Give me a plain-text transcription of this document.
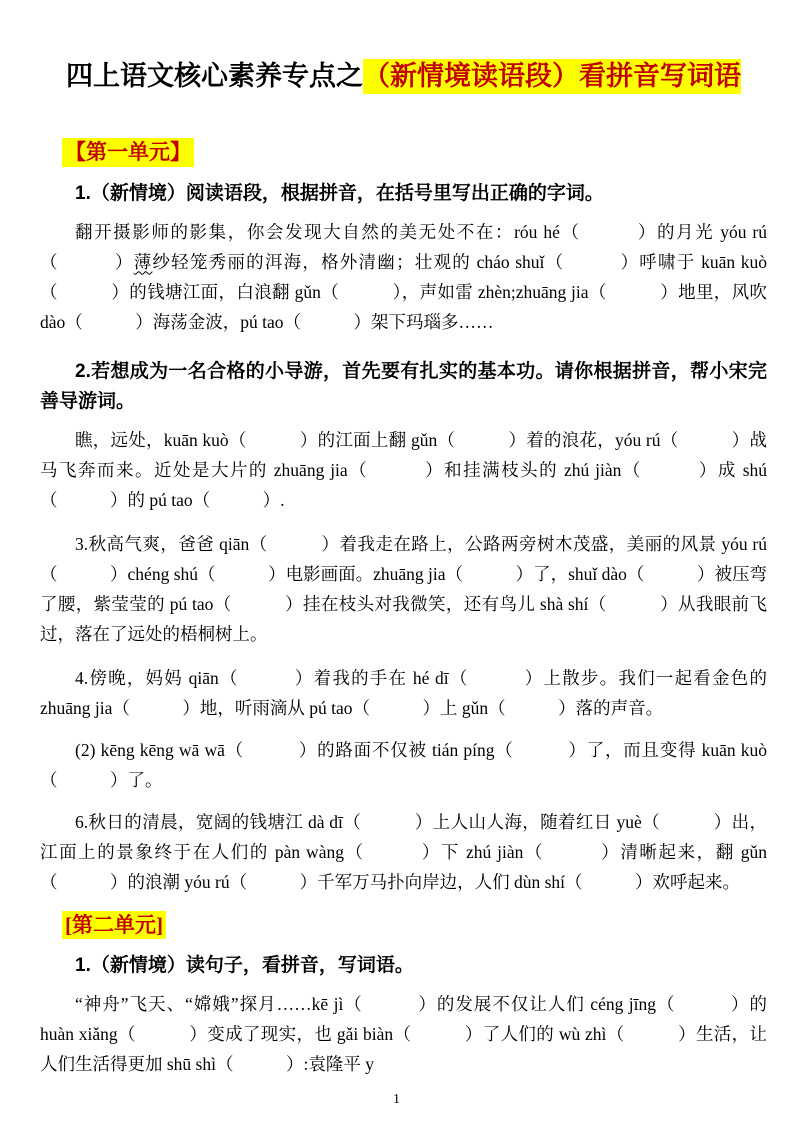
四上语文核心素养专点之（新情境读语段）看拼音写词语
【第一单元】
1.（新情境）阅读语段，根据拼音，在括号里写出正确的字词。

翻开摄影师的影集，你会发现大自然的美无处不在：róu hé（　　　）的月光 yóu rú（　　　）薄纱轻笼秀丽的洱海，格外清幽；壮观的 cháo shuǐ（　　　）呼啸于 kuān kuò（　　　）的钱塘江面，白浪翻 gǔn（　　　），声如雷 zhèn;zhuāng jia（　　　）地里，风吹 dào（　　　）海荡金波，pú tao（　　　）架下玛瑙多……

2.若想成为一名合格的小导游，首先要有扎实的基本功。请你根据拼音，帮小宋完善导游词。

瞧，远处，kuān kuò（　　　）的江面上翻 gǔn（　　　）着的浪花，yóu rú（　　　）战马飞奔而来。近处是大片的 zhuāng jia（　　　）和挂满枝头的 zhú jiàn（　　　）成 shú（　　　）的 pú tao（　　　）.

3.秋高气爽，爸爸 qiān（　　　）着我走在路上，公路两旁树木茂盛，美丽的风景 yóu rú（　　　）chéng shú（　　　）电影画面。zhuāng jia（　　　）了，shuǐ dào（　　　）被压弯了腰，紫莹莹的 pú tao（　　　）挂在枝头对我微笑，还有鸟儿 shà shí（　　　）从我眼前飞过，落在了远处的梧桐树上。

4.傍晚，妈妈 qiān（　　　）着我的手在 hé dī（　　　）上散步。我们一起看金色的 zhuāng jia（　　　）地，听雨滴从 pú tao（　　　）上 gǔn（　　　）落的声音。

(2) kēng kēng wā wā（　　　）的路面不仅被 tián píng（　　　）了，而且变得 kuān kuò（　　　）了。

6.秋日的清晨，宽阔的钱塘江 dà dī（　　　）上人山人海，随着红日 yuè（　　　）出，江面上的景象终于在人们的 pàn wàng（　　　）下 zhú jiàn（　　　）清晰起来，翻 gǔn（　　　）的浪潮 yóu rú（　　　）千军万马扑向岸边，人们 dùn shí（　　　）欢呼起来。

[第二单元]
1.（新情境）读句子，看拼音，写词语。

“神舟”飞天、“嫦娥”探月……kē jì（　　　）的发展不仅让人们 céng jīng（　　　）的 huàn xiǎng（　　　）变成了现实，也 gǎi biàn（　　　）了人们的 wù zhì（　　　）生活，让人们生活得更加 shū shì（　　　）:袁隆平 y

1
